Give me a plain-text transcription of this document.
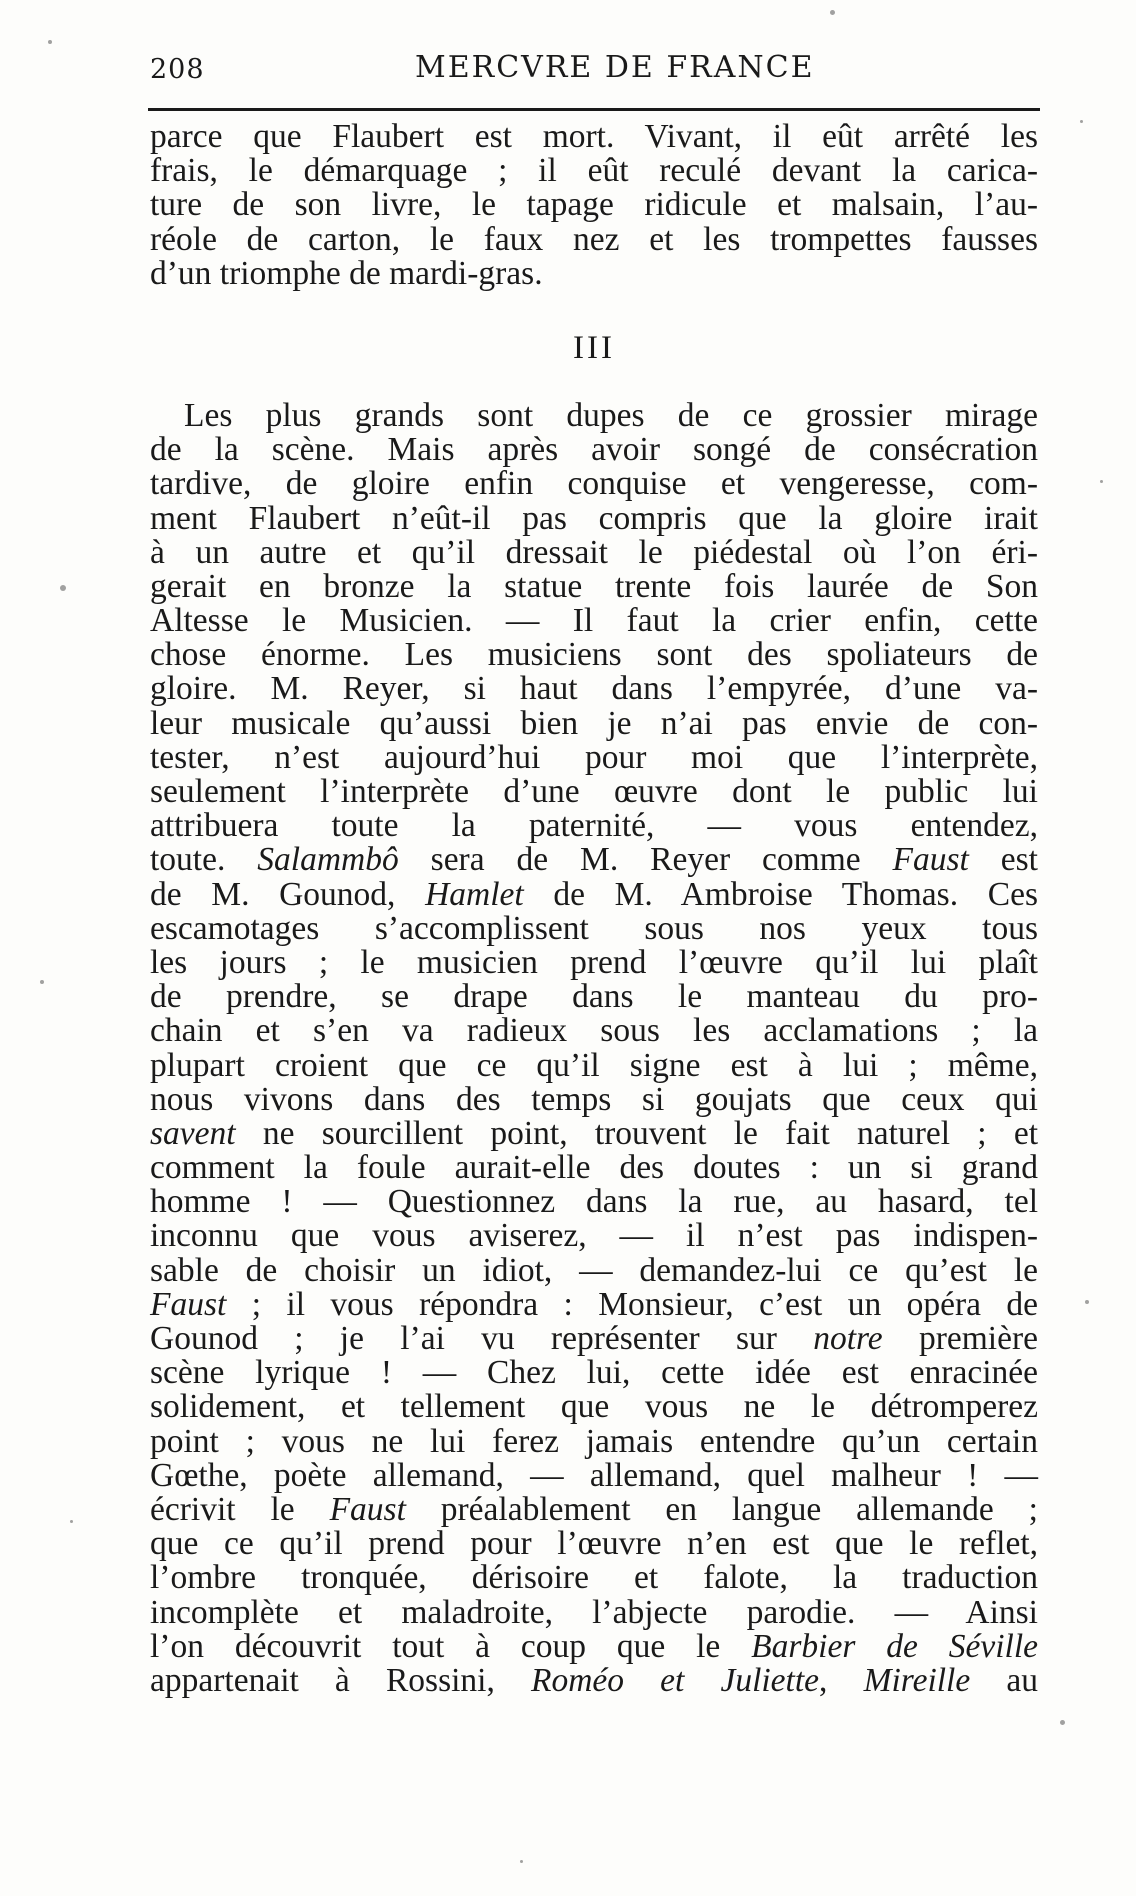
208	MERCVRE DE FRANCE
parce que Flaubert est mort. Vivant, il eût arrêté les
frais, le démarquage ; il eût reculé devant la carica-
ture de son livre, le tapage ridicule et malsain, l’au-
réole de carton, le faux nez et les trompettes fausses
d’un triomphe de mardi-gras.
III
Les plus grands sont dupes de ce grossier mirage
de la scène. Mais après avoir songé de consécration
tardive, de gloire enfin conquise et vengeresse, com-
ment Flaubert n’eût-il pas compris que la gloire irait
à un autre et qu’il dressait le piédestal où l’on éri-
gerait en bronze la statue trente fois laurée de Son
Altesse le Musicien. — Il faut la crier enfin, cette
chose énorme. Les musiciens sont des spoliateurs de
gloire. M. Reyer, si haut dans l’empyrée, d’une va-
leur musicale qu’aussi bien je n’ai pas envie de con-
tester, n’est aujourd’hui pour moi que l’interprète,
seulement l’interprète d’une œuvre dont le public lui
attribuera toute la paternité, — vous entendez,
toute. Salammbô sera de M. Reyer comme Faust est
de M. Gounod, Hamlet de M. Ambroise Thomas. Ces
escamotages s’accomplissent sous nos yeux tous
les jours ; le musicien prend l’œuvre qu’il lui plaît
de prendre, se drape dans le manteau du pro-
chain et s’en va radieux sous les acclamations ; la
plupart croient que ce qu’il signe est à lui ; même,
nous vivons dans des temps si goujats que ceux qui
savent ne sourcillent point, trouvent le fait naturel ; et
comment la foule aurait-elle des doutes : un si grand
homme ! — Questionnez dans la rue, au hasard, tel
inconnu que vous aviserez, — il n’est pas indispen-
sable de choisir un idiot, — demandez-lui ce qu’est le
Faust ; il vous répondra : Monsieur, c’est un opéra de
Gounod ; je l’ai vu représenter sur notre première
scène lyrique ! — Chez lui, cette idée est enracinée
solidement, et tellement que vous ne le détromperez
point ; vous ne lui ferez jamais entendre qu’un certain
Gœthe, poète allemand, — allemand, quel malheur ! —
écrivit le Faust préalablement en langue allemande ;
que ce qu’il prend pour l’œuvre n’en est que le reflet,
l’ombre tronquée, dérisoire et falote, la traduction
incomplète et maladroite, l’abjecte parodie. — Ainsi
l’on découvrit tout à coup que le Barbier de Séville
appartenait à Rossini, Roméo et Juliette, Mireille au
